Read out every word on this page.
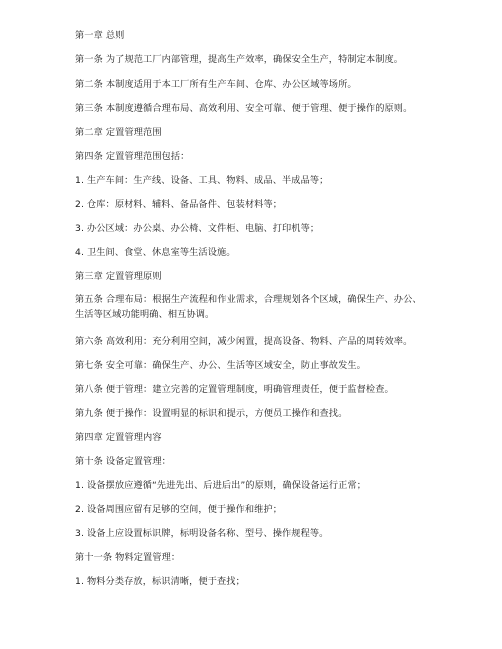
第一章 总则
第一条 为了规范工厂内部管理，提高生产效率，确保安全生产，特制定本制度。
第二条 本制度适用于本工厂所有生产车间、仓库、办公区域等场所。
第三条 本制度遵循合理布局、高效利用、安全可靠、便于管理、便于操作的原则。
第二章 定置管理范围
第四条 定置管理范围包括：
1. 生产车间：生产线、设备、工具、物料、成品、半成品等；
2. 仓库：原材料、辅料、备品备件、包装材料等；
3. 办公区域：办公桌、办公椅、文件柜、电脑、打印机等；
4. 卫生间、食堂、休息室等生活设施。
第三章 定置管理原则
第五条 合理布局：根据生产流程和作业需求，合理规划各个区域，确保生产、办公、生活等区域功能明确、相互协调。
第六条 高效利用：充分利用空间，减少闲置，提高设备、物料、产品的周转效率。
第七条 安全可靠：确保生产、办公、生活等区域安全，防止事故发生。
第八条 便于管理：建立完善的定置管理制度，明确管理责任，便于监督检查。
第九条 便于操作：设置明显的标识和提示，方便员工操作和查找。
第四章 定置管理内容
第十条 设备定置管理：
1. 设备摆放应遵循“先进先出、后进后出”的原则，确保设备运行正常；
2. 设备周围应留有足够的空间，便于操作和维护；
3. 设备上应设置标识牌，标明设备名称、型号、操作规程等。
第十一条 物料定置管理：
1. 物料分类存放，标识清晰，便于查找；
